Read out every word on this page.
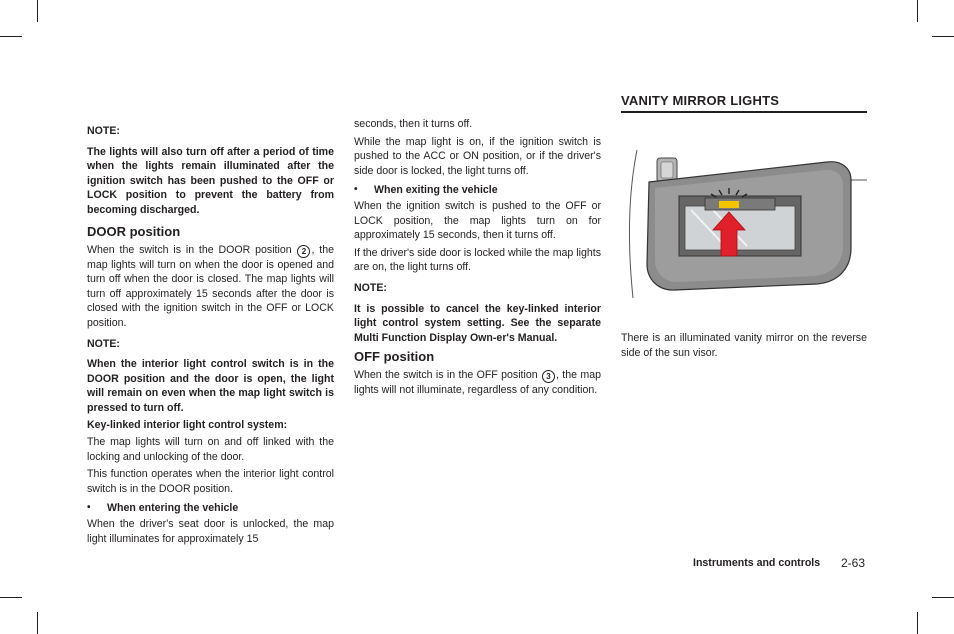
NOTE:

The lights will also turn off after a period of time when the lights remain illuminated after the ignition switch has been pushed to the OFF or LOCK position to prevent the battery from becoming discharged.

DOOR position

When the switch is in the DOOR position 2 , the map lights will turn on when the door is opened and turn off when the door is closed. The map lights will turn off approximately 15 seconds after the door is closed with the ignition switch in the OFF or LOCK position.

NOTE:

When the interior light control switch is in the DOOR position and the door is open, the light will remain on even when the map light switch is pressed to turn off.

Key-linked interior light control system:

The map lights will turn on and off linked with the locking and unlocking of the door.

This function operates when the interior light control switch is in the DOOR position.

• When entering the vehicle

When the driver's seat door is unlocked, the map light illuminates for approximately 15

seconds, then it turns off.

While the map light is on, if the ignition switch is pushed to the ACC or ON position, or if the driver's side door is locked, the light turns off.

• When exiting the vehicle

When the ignition switch is pushed to the OFF or LOCK position, the map lights turn on for approximately 15 seconds, then it turns off.

If the driver's side door is locked while the map lights are on, the light turns off.

NOTE:

It is possible to cancel the key-linked interior light control system setting. See the separate Multi Function Display Own-er's Manual.

OFF position

When the switch is in the OFF position 3 , the map lights will not illuminate, regardless of any condition.

VANITY MIRROR LIGHTS

There is an illuminated vanity mirror on the reverse side of the sun visor.

Instruments and controls 2-63
